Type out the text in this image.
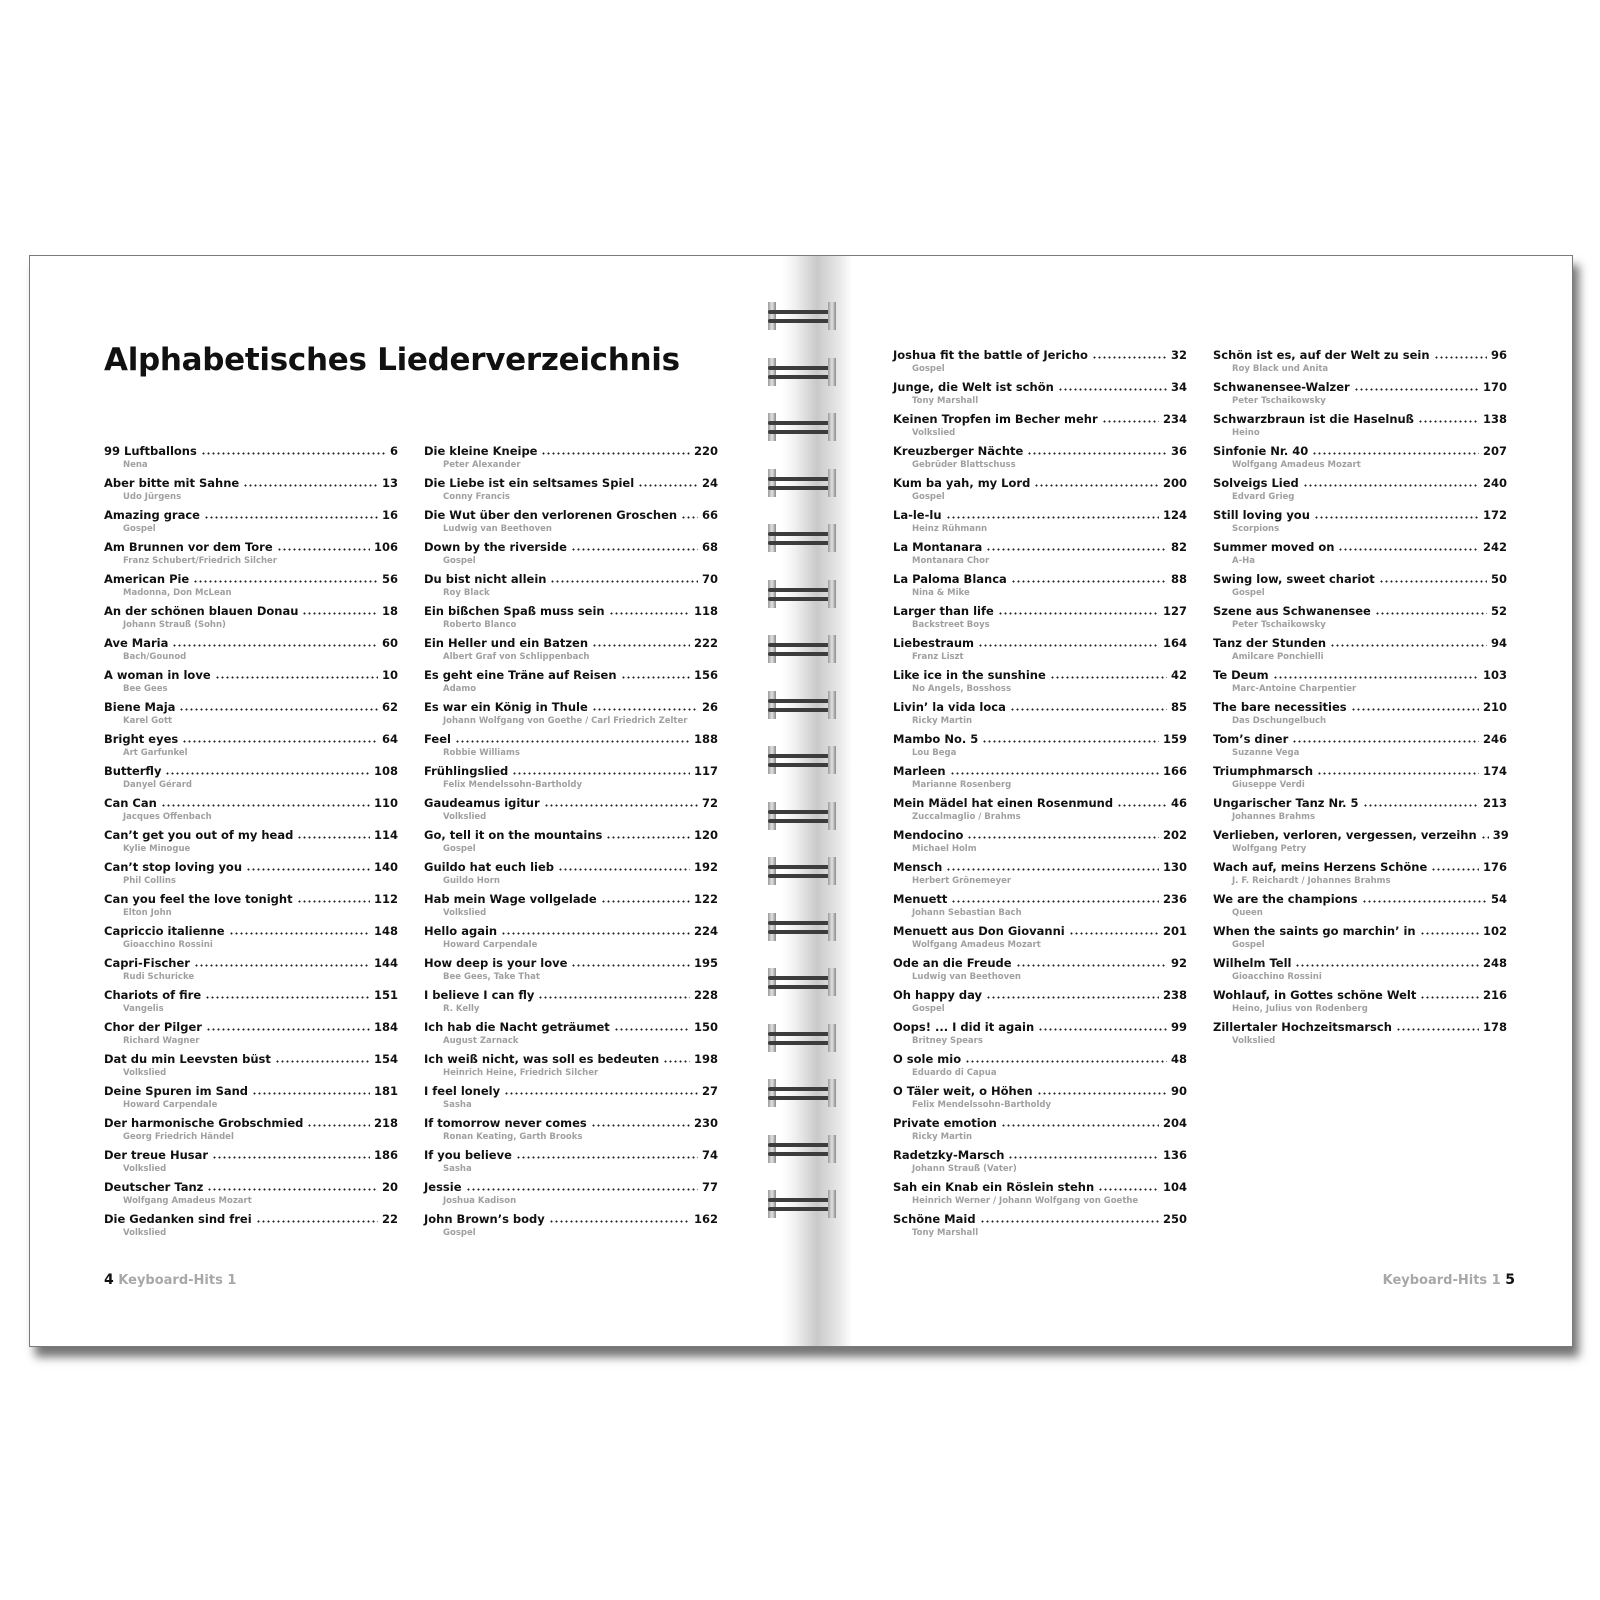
Alphabetisches Liederverzeichnis
99 Luftballons	6
Nena
Aber bitte mit Sahne	13
Udo Jürgens
Amazing grace	16
Gospel
Am Brunnen vor dem Tore	106
Franz Schubert/Friedrich Silcher
American Pie	56
Madonna, Don McLean
An der schönen blauen Donau	18
Johann Strauß (Sohn)
Ave Maria	60
Bach/Gounod
A woman in love	10
Bee Gees
Biene Maja	62
Karel Gott
Bright eyes	64
Art Garfunkel
Butterfly	108
Danyel Gérard
Can Can	110
Jacques Offenbach
Can’t get you out of my head	114
Kylie Minogue
Can’t stop loving you	140
Phil Collins
Can you feel the love tonight	112
Elton John
Capriccio italienne	148
Gioacchino Rossini
Capri-Fischer	144
Rudi Schuricke
Chariots of fire	151
Vangelis
Chor der Pilger	184
Richard Wagner
Dat du min Leevsten büst	154
Volkslied
Deine Spuren im Sand	181
Howard Carpendale
Der harmonische Grobschmied	218
Georg Friedrich Händel
Der treue Husar	186
Volkslied
Deutscher Tanz	20
Wolfgang Amadeus Mozart
Die Gedanken sind frei	22
Volkslied
Die kleine Kneipe	220
Peter Alexander
Die Liebe ist ein seltsames Spiel	24
Conny Francis
Die Wut über den verlorenen Groschen 66
Ludwig van Beethoven
Down by the riverside	68
Gospel
Du bist nicht allein	70
Roy Black
Ein bißchen Spaß muss sein	118
Roberto Blanco
Ein Heller und ein Batzen	222
Albert Graf von Schlippenbach
Es geht eine Träne auf Reisen	156
Adamo
Es war ein König in Thule	26
Johann Wolfgang von Goethe / Carl Friedrich Zelter
Feel	188
Robbie Williams
Frühlingslied	117
Felix Mendelssohn-Bartholdy
Gaudeamus igitur	72
Volkslied
Go, tell it on the mountains	120
Gospel
Guildo hat euch lieb	192
Guildo Horn
Hab mein Wage vollgelade	122
Volkslied
Hello again	224
Howard Carpendale
How deep is your love	195
Bee Gees, Take That
I believe I can fly	228
R. Kelly
Ich hab die Nacht geträumet	150
August Zarnack
Ich weiß nicht, was soll es bedeuten	198
Heinrich Heine, Friedrich Silcher
I feel lonely	27
Sasha
If tomorrow never comes	230
Ronan Keating, Garth Brooks
If you believe	74
Sasha
Jessie	77
Joshua Kadison
John Brown’s body	162
Gospel
Joshua fit the battle of Jericho	32
Gospel
Junge, die Welt ist schön	34
Tony Marshall
Keinen Tropfen im Becher mehr	234
Volkslied
Kreuzberger Nächte	36
Gebrüder Blattschuss
Kum ba yah, my Lord	200
Gospel
La-le-lu	124
Heinz Rühmann
La Montanara	82
Montanara Chor
La Paloma Blanca	88
Nina & Mike
Larger than life	127
Backstreet Boys
Liebestraum	164
Franz Liszt
Like ice in the sunshine	42
No Angels, Bosshoss
Livin’ la vida loca	85
Ricky Martin
Mambo No. 5	159
Lou Bega
Marleen	166
Marianne Rosenberg
Mein Mädel hat einen Rosenmund	46
Zuccalmaglio / Brahms
Mendocino	202
Michael Holm
Mensch	130
Herbert Grönemeyer
Menuett	236
Johann Sebastian Bach
Menuett aus Don Giovanni	201
Wolfgang Amadeus Mozart
Ode an die Freude	92
Ludwig van Beethoven
Oh happy day	238
Gospel
Oops! ... I did it again	99
Britney Spears
O sole mio	48
Eduardo di Capua
O Täler weit, o Höhen	90
Felix Mendelssohn-Bartholdy
Private emotion	204
Ricky Martin
Radetzky-Marsch	136
Johann Strauß (Vater)
Sah ein Knab ein Röslein stehn	104
Heinrich Werner / Johann Wolfgang von Goethe
Schöne Maid	250
Tony Marshall
Schön ist es, auf der Welt zu sein	96
Roy Black und Anita
Schwanensee-Walzer	170
Peter Tschaikowsky
Schwarzbraun ist die Haselnuß	138
Heino
Sinfonie Nr. 40	207
Wolfgang Amadeus Mozart
Solveigs Lied	240
Edvard Grieg
Still loving you	172
Scorpions
Summer moved on	242
A-Ha
Swing low, sweet chariot	50
Gospel
Szene aus Schwanensee	52
Peter Tschaikowsky
Tanz der Stunden	94
Amilcare Ponchielli
Te Deum	103
Marc-Antoine Charpentier
The bare necessities	210
Das Dschungelbuch
Tom’s diner	246
Suzanne Vega
Triumphmarsch	174
Giuseppe Verdi
Ungarischer Tanz Nr. 5	213
Johannes Brahms
Verlieben, verloren, vergessen, verzeihn 39
Wolfgang Petry
Wach auf, meins Herzens Schöne	176
J. F. Reichardt / Johannes Brahms
We are the champions	54
Queen
When the saints go marchin’ in	102
Gospel
Wilhelm Tell	248
Gioacchino Rossini
Wohlauf, in Gottes schöne Welt	216
Heino, Julius von Rodenberg
Zillertaler Hochzeitsmarsch	178
Volkslied
4 Keyboard-Hits 1	Keyboard-Hits 1 5
